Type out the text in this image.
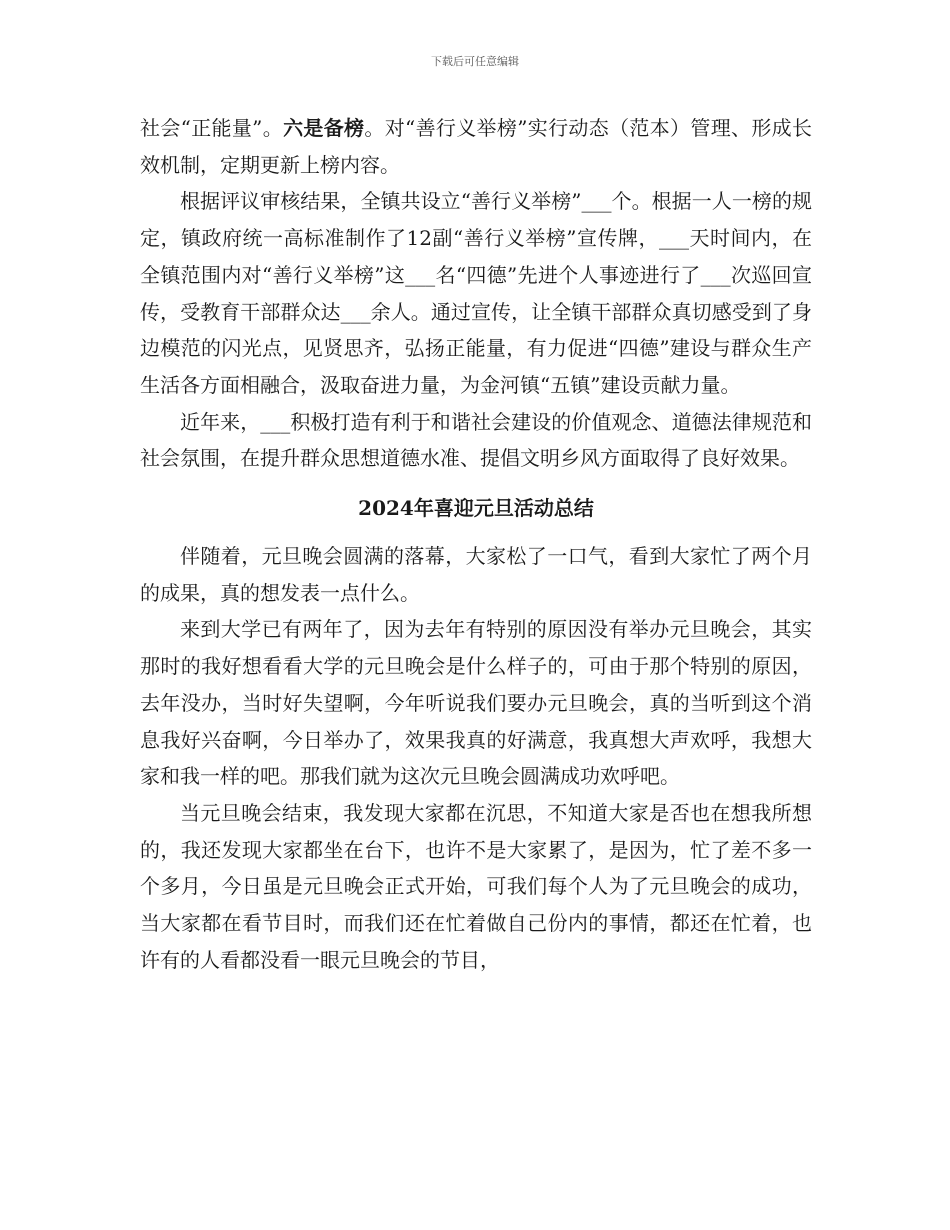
下载后可任意编辑

社会“正能量”。六是备榜。对“善行义举榜”实行动态（范本）管理、形成长效机制，定期更新上榜内容。

根据评议审核结果，全镇共设立“善行义举榜”___个。根据一人一榜的规定，镇政府统一高标准制作了12副“善行义举榜”宣传牌，___天时间内，在全镇范围内对“善行义举榜”这___名“四德”先进个人事迹进行了___次巡回宣传，受教育干部群众达___余人。通过宣传，让全镇干部群众真切感受到了身边模范的闪光点，见贤思齐，弘扬正能量，有力促进“四德”建设与群众生产生活各方面相融合，汲取奋进力量，为金河镇“五镇”建设贡献力量。

近年来，___积极打造有利于和谐社会建设的价值观念、道德法律规范和社会氛围，在提升群众思想道德水准、提倡文明乡风方面取得了良好效果。

2024年喜迎元旦活动总结

伴随着，元旦晚会圆满的落幕，大家松了一口气，看到大家忙了两个月的成果，真的想发表一点什么。

来到大学已有两年了，因为去年有特别的原因没有举办元旦晚会，其实那时的我好想看看大学的元旦晚会是什么样子的，可由于那个特别的原因，去年没办，当时好失望啊，今年听说我们要办元旦晚会，真的当听到这个消息我好兴奋啊，今日举办了，效果我真的好满意，我真想大声欢呼，我想大家和我一样的吧。那我们就为这次元旦晚会圆满成功欢呼吧。

当元旦晚会结束，我发现大家都在沉思，不知道大家是否也在想我所想的，我还发现大家都坐在台下，也许不是大家累了，是因为，忙了差不多一个多月，今日虽是元旦晚会正式开始，可我们每个人为了元旦晚会的成功，当大家都在看节目时，而我们还在忙着做自己份内的事情，都还在忙着，也许有的人看都没看一眼元旦晚会的节目，
